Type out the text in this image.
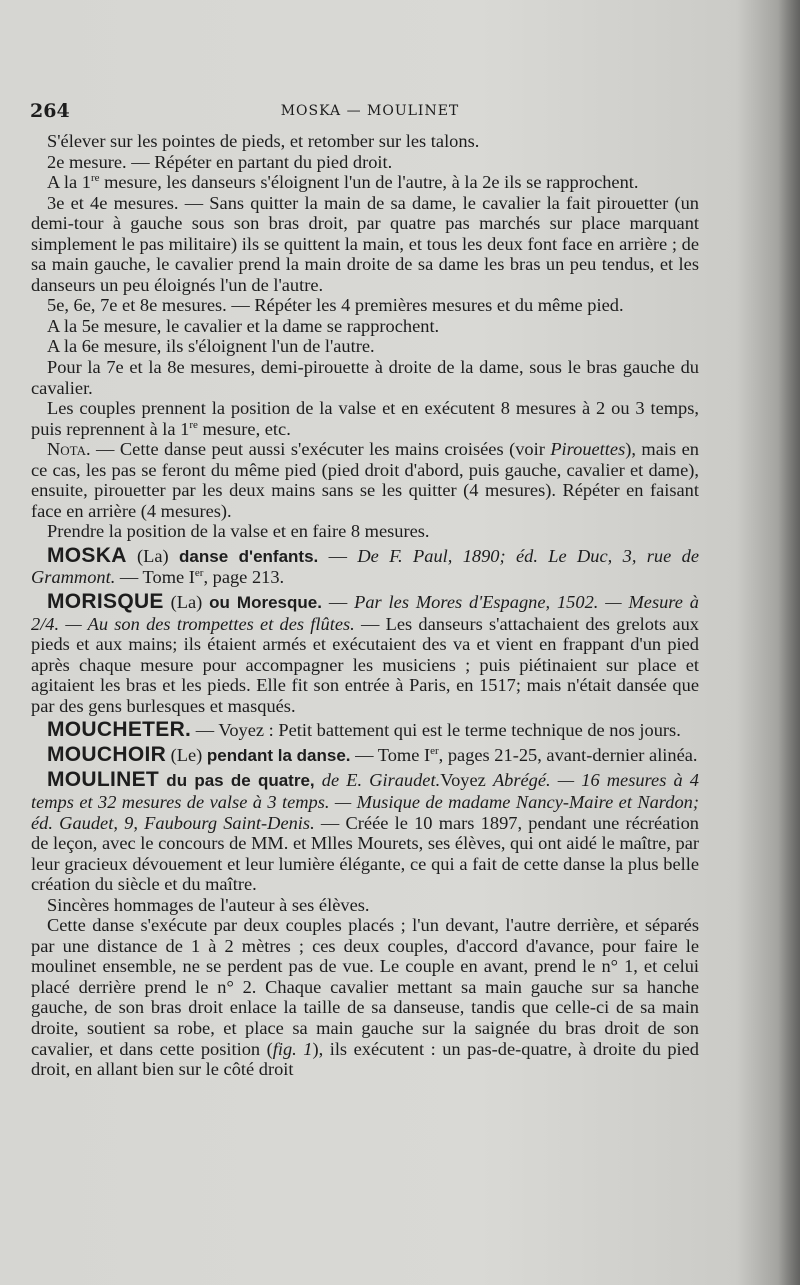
264	MOSKA — MOULINET

S'élever sur les pointes de pieds, et retomber sur les talons.

2e mesure. — Répéter en partant du pied droit.

A la 1re mesure, les danseurs s'éloignent l'un de l'autre, à la 2e ils se rapprochent.

3e et 4e mesures. — Sans quitter la main de sa dame, le cavalier la fait pirouetter (un demi-tour à gauche sous son bras droit, par quatre pas marchés sur place marquant simplement le pas militaire) ils se quittent la main, et tous les deux font face en arrière ; de sa main gauche, le cavalier prend la main droite de sa dame les bras un peu tendus, et les danseurs un peu éloignés l'un de l'autre.

5e, 6e, 7e et 8e mesures. — Répéter les 4 premières mesures et du même pied.

A la 5e mesure, le cavalier et la dame se rapprochent.

A la 6e mesure, ils s'éloignent l'un de l'autre.

Pour la 7e et la 8e mesures, demi-pirouette à droite de la dame, sous le bras gauche du cavalier.

Les couples prennent la position de la valse et en exécutent 8 mesures à 2 ou 3 temps, puis reprennent à la 1re mesure, etc.

Nota. — Cette danse peut aussi s'exécuter les mains croisées (voir Pirouettes), mais en ce cas, les pas se feront du même pied (pied droit d'abord, puis gauche, cavalier et dame), ensuite, pirouetter par les deux mains sans se les quitter (4 mesures). Répéter en faisant face en arrière (4 mesures).

Prendre la position de la valse et en faire 8 mesures.

MOSKA (La) danse d'enfants. — De F. Paul, 1890; éd. Le Duc, 3, rue de Grammont. — Tome Ier, page 213.

MORISQUE (La) ou Moresque. — Par les Mores d'Espagne, 1502. — Mesure à 2/4. — Au son des trompettes et des flûtes. — Les danseurs s'attachaient des grelots aux pieds et aux mains; ils étaient armés et exécutaient des va et vient en frappant d'un pied après chaque mesure pour accompagner les musiciens ; puis piétinaient sur place et agitaient les bras et les pieds. Elle fit son entrée à Paris, en 1517; mais n'était dansée que par des gens burlesques et masqués.

MOUCHETER. — Voyez : Petit battement qui est le terme technique de nos jours.

MOUCHOIR (Le) pendant la danse. — Tome Ier, pages 21-25, avant-dernier alinéa.

MOULINET du pas de quatre, de E. Giraudet.Voyez Abrégé. — 16 mesures à 4 temps et 32 mesures de valse à 3 temps. — Musique de madame Nancy-Maire et Nardon; éd. Gaudet, 9, Faubourg Saint-Denis. — Créée le 10 mars 1897, pendant une récréation de leçon, avec le concours de MM. et Mlles Mourets, ses élèves, qui ont aidé le maître, par leur gracieux dévouement et leur lumière élégante, ce qui a fait de cette danse la plus belle création du siècle et du maître.

Sincères hommages de l'auteur à ses élèves.

Cette danse s'exécute par deux couples placés ; l'un devant, l'autre derrière, et séparés par une distance de 1 à 2 mètres ; ces deux couples, d'accord d'avance, pour faire le moulinet ensemble, ne se perdent pas de vue. Le couple en avant, prend le n° 1, et celui placé derrière prend le n° 2. Chaque cavalier mettant sa main gauche sur sa hanche gauche, de son bras droit enlace la taille de sa danseuse, tandis que celle-ci de sa main droite, soutient sa robe, et place sa main gauche sur la saignée du bras droit de son cavalier, et dans cette position (fig. 1), ils exécutent : un pas-de-quatre, à droite du pied droit, en allant bien sur le côté droit
